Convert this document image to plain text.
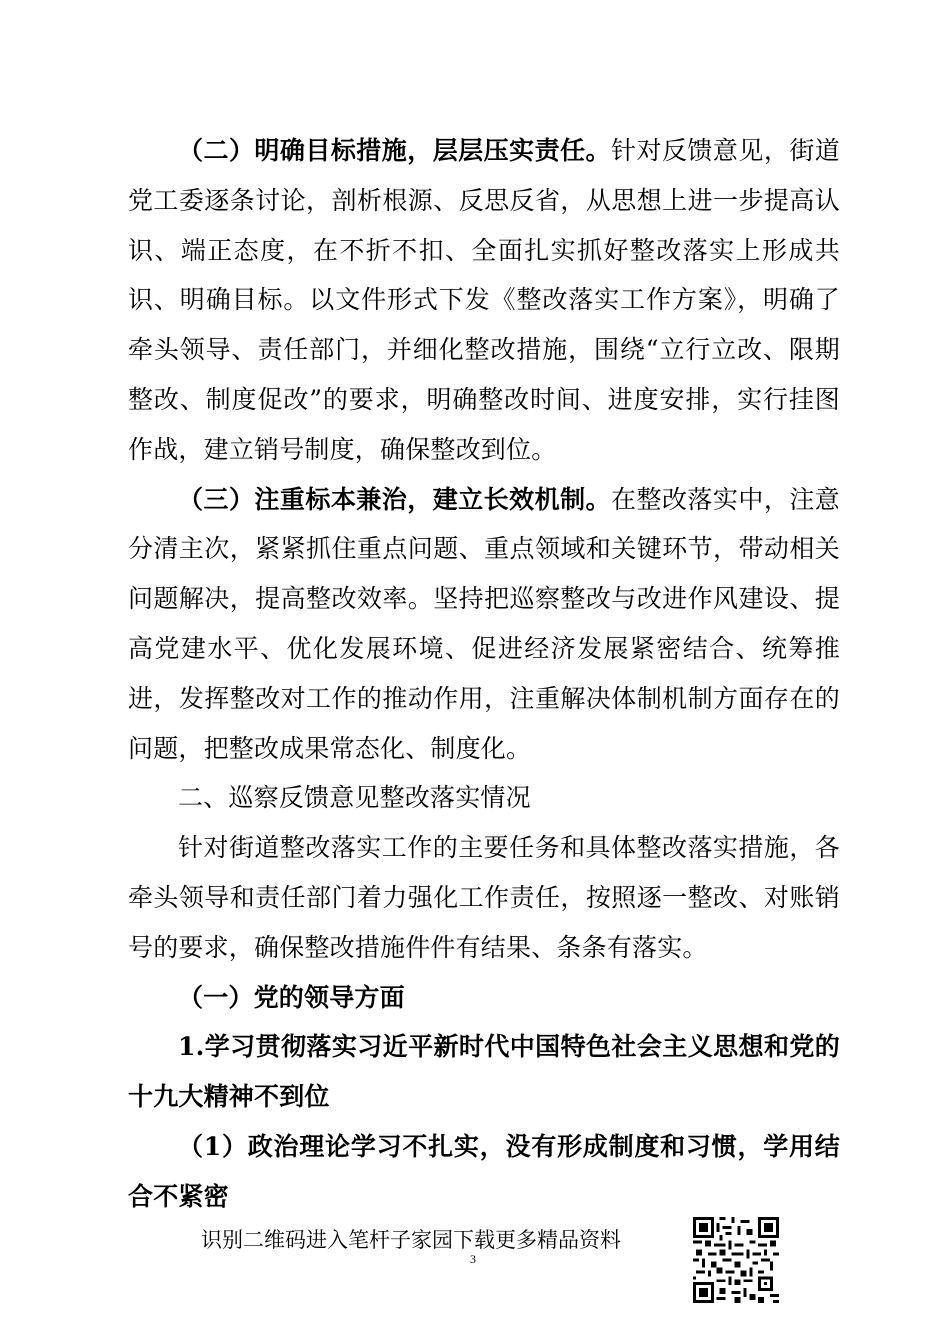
（二）明确目标措施，层层压实责任。针对反馈意见，街道党工委逐条讨论，剖析根源、反思反省，从思想上进一步提高认识、端正态度，在不折不扣、全面扎实抓好整改落实上形成共识、明确目标。以文件形式下发《整改落实工作方案》，明确了牵头领导、责任部门，并细化整改措施，围绕“立行立改、限期整改、制度促改”的要求，明确整改时间、进度安排，实行挂图作战，建立销号制度，确保整改到位。

（三）注重标本兼治，建立长效机制。在整改落实中，注意分清主次，紧紧抓住重点问题、重点领域和关键环节，带动相关问题解决，提高整改效率。坚持把巡察整改与改进作风建设、提高党建水平、优化发展环境、促进经济发展紧密结合、统筹推进，发挥整改对工作的推动作用，注重解决体制机制方面存在的问题，把整改成果常态化、制度化。

二、巡察反馈意见整改落实情况

针对街道整改落实工作的主要任务和具体整改落实措施，各牵头领导和责任部门着力强化工作责任，按照逐一整改、对账销号的要求，确保整改措施件件有结果、条条有落实。

（一）党的领导方面

1.学习贯彻落实习近平新时代中国特色社会主义思想和党的十九大精神不到位

（1）政治理论学习不扎实，没有形成制度和习惯，学用结合不紧密

识别二维码进入笔杆子家园下载更多精品资料
3
